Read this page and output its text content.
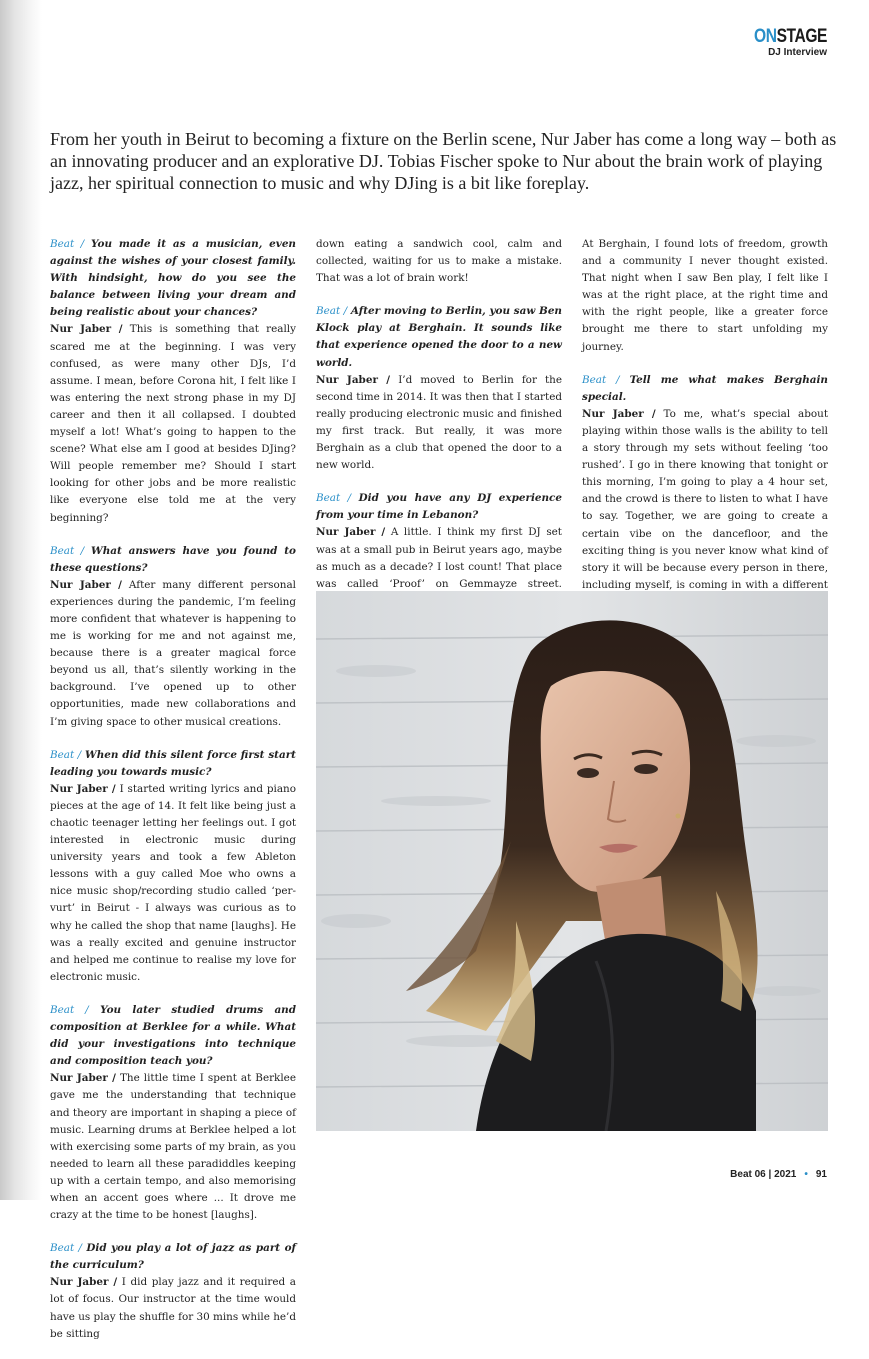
ONSTAGE
DJ Interview
From her youth in Beirut to becoming a fixture on the Berlin scene, Nur Jaber has come a long way – both as an innovating producer and an explorative DJ. Tobias Fischer spoke to Nur about the brain work of playing jazz, her spiritual connection to music and why DJing is a bit like foreplay.

Beat / You made it as a musician, even against the wishes of your closest family. With hindsight, how do you see the balance between living your dream and being realistic about your chances?

Nur Jaber / This is something that really scared me at the beginning. I was very confused, as were many other DJs, I’d assume. I mean, before Corona hit, I felt like I was entering the next strong phase in my DJ career and then it all collapsed. I doubted myself a lot! What’s going to happen to the scene? What else am I good at besides DJing? Will people remember me? Should I start looking for other jobs and be more realistic like everyone else told me at the very beginning?

Beat / What answers have you found to these questions?

Nur Jaber / After many different personal experiences during the pandemic, I’m feeling more confident that whatever is happening to me is working for me and not against me, because there is a greater magical force beyond us all, that’s silently working in the background. I’ve opened up to other opportunities, made new collaborations and I’m giving space to other musical creations.

Beat / When did this silent force first start leading you towards music?

Nur Jaber / I started writing lyrics and piano pieces at the age of 14. It felt like being just a chaotic teenager letting her feelings out. I got interested in electronic music during university years and took a few Ableton lessons with a guy called Moe who owns a nice music shop/recording studio called ‘per-vurt’ in Beirut - I always was curious as to why he called the shop that name [laughs]. He was a really excited and genuine instructor and helped me continue to realise my love for electronic music.

Beat / You later studied drums and composition at Berklee for a while. What did your investigations into technique and composition teach you?

Nur Jaber / The little time I spent at Berklee gave me the understanding that technique and theory are important in shaping a piece of music. Learning drums at Berklee helped a lot with exercising some parts of my brain, as you needed to learn all these paradiddles keeping up with a certain tempo, and also memorising when an accent goes where ... It drove me crazy at the time to be honest [laughs].

Beat / Did you play a lot of jazz as part of the curriculum?

Nur Jaber / I did play jazz and it required a lot of focus. Our instructor at the time would have us play the shuffle for 30 mins while he’d be sitting

down eating a sandwich cool, calm and collected, waiting for us to make a mistake. That was a lot of brain work!

Beat / After moving to Berlin, you saw Ben Klock play at Berghain. It sounds like that experience opened the door to a new world.

Nur Jaber / I’d moved to Berlin for the second time in 2014. It was then that I started really producing electronic music and finished my first track. But really, it was more Berghain as a club that opened the door to a new world.

Beat / Did you have any DJ experience from your time in Lebanon?

Nur Jaber / A little. I think my first DJ set was at a small pub in Beirut years ago, maybe as much as a decade? I lost count! That place was called ‘Proof’ on Gemmayze street.

At Berghain, I found lots of freedom, growth and a community I never thought existed. That night when I saw Ben play, I felt like I was at the right place, at the right time and with the right people, like a greater force brought me there to start unfolding my journey.

Beat / Tell me what makes Berghain special.

Nur Jaber / To me, what’s special about playing within those walls is the ability to tell a story through my sets without feeling ‘too rushed’. I go in there knowing that tonight or this morning, I’m going to play a 4 hour set, and the crowd is there to listen to what I have to say. Together, we are going to create a certain vibe on the dancefloor, and the exciting thing is you never know what kind of story it will be because every person in there, including myself, is coming in with a different

Beat 06 | 2021 • 91
